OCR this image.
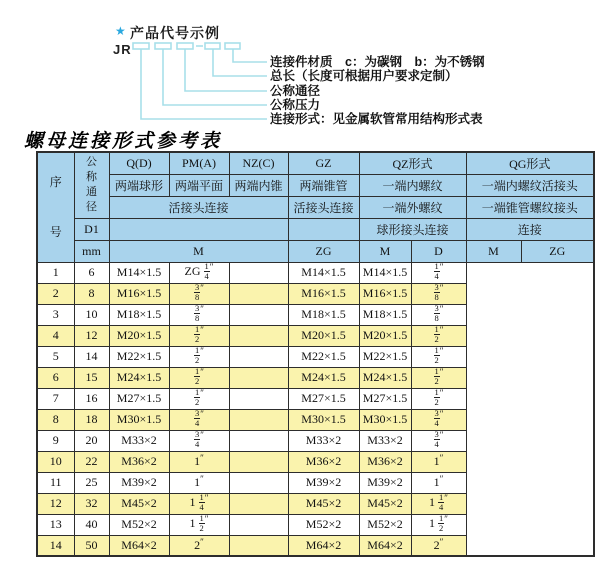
★ 产品代号示例
JR
连接件材质　c：为碳钢　b：为不锈钢
总长（长度可根据用户要求定制）
公称通径
公称压力
连接形式：见金属软管常用结构形式表
螺母连接形式参考表
序号	公称通径	Q(D)	PM(A)	NZ(C)	GZ	QZ形式		QG形式	
		两端球形	两端平面	两端内锥	两端锥管	一端内螺纹		一端内螺纹活接头	
		活接头连接			活接头连接	一端外螺纹		一端锥管螺纹接头	
	D1					球形接头连接		连接	
	mm	M			ZG	M	D	M	ZG
1	6	M14×1.5	ZG $\frac{1}{4} ''$		M14×1.5	M14×1.5	$\frac{1}{4} ''$
2	8	M16×1.5	$\frac{3}{8} ''$		M16×1.5	M16×1.5	$\frac{3}{8} ''$
3	10	M18×1.5	$\frac{3}{8} ''$		M18×1.5	M18×1.5	$\frac{3}{8} ''$
4	12	M20×1.5	$\frac{1}{2} ''$		M20×1.5	M20×1.5	$\frac{1}{2} ''$
5	14	M22×1.5	$\frac{1}{2} ''$		M22×1.5	M22×1.5	$\frac{1}{2} ''$
6	15	M24×1.5	$\frac{1}{2} ''$		M24×1.5	M24×1.5	$\frac{1}{2} ''$
7	16	M27×1.5	$\frac{1}{2} ''$		M27×1.5	M27×1.5	$\frac{1}{2} ''$
8	18	M30×1.5	$\frac{3}{4} ''$		M30×1.5	M30×1.5	$\frac{3}{4} ''$
9	20	M33×2	$\frac{3}{4} ''$		M33×2	M33×2	$\frac{3}{4} ''$
10	22	M36×2	1″		M36×2	M36×2	1″
11	25	M39×2	1″		M39×2	M39×2	1″
12	32	M45×2	$1 \frac{1}{4} ''$		M45×2	M45×2	$1 \frac{1}{4} ''$
13	40	M52×2	$1 \frac{1}{2} ''$		M52×2	M52×2	$1 \frac{1}{2} ''$
14	50	M64×2	2″		M64×2	M64×2	2″
